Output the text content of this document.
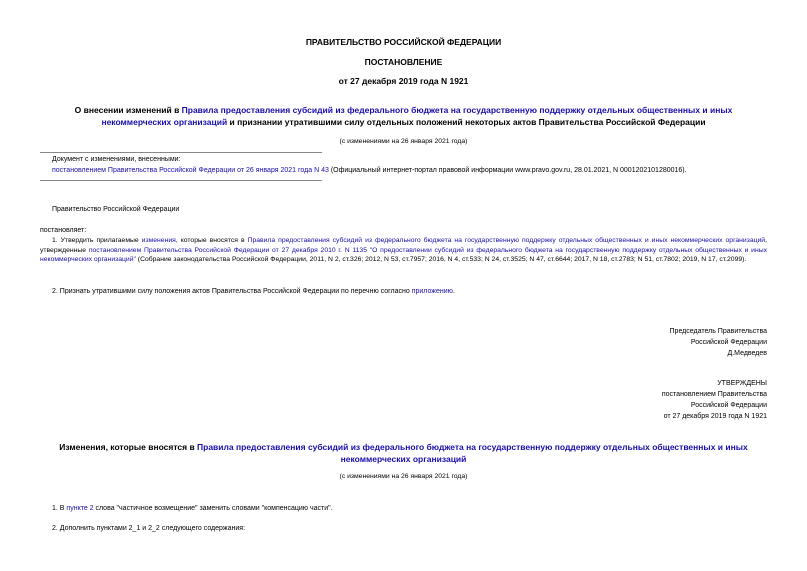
ПРАВИТЕЛЬСТВО РОССИЙСКОЙ ФЕДЕРАЦИИ
ПОСТАНОВЛЕНИЕ
от 27 декабря 2019 года N 1921
О внесении изменений в Правила предоставления субсидий из федерального бюджета на государственную поддержку отдельных общественных и иных некоммерческих организаций и признании утратившими силу отдельных положений некоторых актов Правительства Российской Федерации
(с изменениями на 26 января 2021 года)
Документ с изменениями, внесенными:
постановлением Правительства Российской Федерации от 26 января 2021 года N 43 (Официальный интернет-портал правовой информации www.pravo.gov.ru, 28.01.2021, N 0001202101280016).
Правительство Российской Федерации
постановляет:
1. Утвердить прилагаемые изменения, которые вносятся в Правила предоставления субсидий из федерального бюджета на государственную поддержку отдельных общественных и иных некоммерческих организаций, утвержденные постановлением Правительства Российской Федерации от 27 декабря 2010 г. N 1135 "О предоставлении субсидий из федерального бюджета на государственную поддержку отдельных общественных и иных некоммерческих организаций" (Собрание законодательства Российской Федерации, 2011, N 2, ст.326; 2012, N 53, ст.7957; 2016, N 4, ст.533; N 24, ст.3525; N 47, ст.6644; 2017, N 18, ст.2783; N 51, ст.7802; 2019, N 17, ст.2099).
2. Признать утратившими силу положения актов Правительства Российской Федерации по перечню согласно приложению.
Председатель Правительства
Российской Федерации
Д.Медведев
УТВЕРЖДЕНЫ
постановлением Правительства
Российской Федерации
от 27 декабря 2019 года N 1921
Изменения, которые вносятся в Правила предоставления субсидий из федерального бюджета на государственную поддержку отдельных общественных и иных некоммерческих организаций
(с изменениями на 26 января 2021 года)
1. В пункте 2 слова "частичное возмещение" заменить словами "компенсацию части".
2. Дополнить пунктами 2_1 и 2_2 следующего содержания:
